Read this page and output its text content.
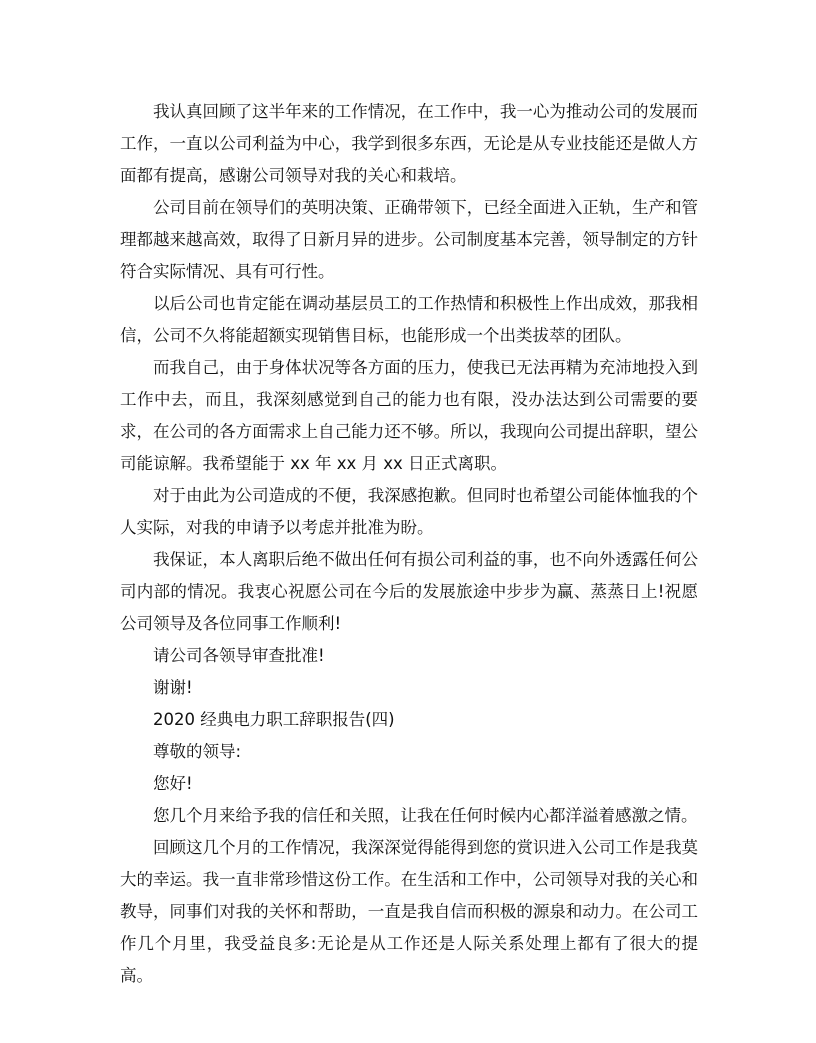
我认真回顾了这半年来的工作情况，在工作中，我一心为推动公司的发展而工作，一直以公司利益为中心，我学到很多东西，无论是从专业技能还是做人方面都有提高，感谢公司领导对我的关心和栽培。

公司目前在领导们的英明决策、正确带领下，已经全面进入正轨，生产和管理都越来越高效，取得了日新月异的进步。公司制度基本完善，领导制定的方针符合实际情况、具有可行性。

以后公司也肯定能在调动基层员工的工作热情和积极性上作出成效，那我相信，公司不久将能超额实现销售目标，也能形成一个出类拔萃的团队。

而我自己，由于身体状况等各方面的压力，使我已无法再精为充沛地投入到工作中去，而且，我深刻感觉到自己的能力也有限，没办法达到公司需要的要求，在公司的各方面需求上自己能力还不够。所以，我现向公司提出辞职，望公司能谅解。我希望能于 xx 年 xx 月 xx 日正式离职。

对于由此为公司造成的不便，我深感抱歉。但同时也希望公司能体恤我的个人实际，对我的申请予以考虑并批准为盼。

我保证，本人离职后绝不做出任何有损公司利益的事，也不向外透露任何公司内部的情况。我衷心祝愿公司在今后的发展旅途中步步为赢、蒸蒸日上!祝愿公司领导及各位同事工作顺利!

请公司各领导审查批准!

谢谢!

2020 经典电力职工辞职报告(四)

尊敬的领导:

您好!

您几个月来给予我的信任和关照，让我在任何时候内心都洋溢着感激之情。

回顾这几个月的工作情况，我深深觉得能得到您的赏识进入公司工作是我莫大的幸运。我一直非常珍惜这份工作。在生活和工作中，公司领导对我的关心和教导，同事们对我的关怀和帮助，一直是我自信而积极的源泉和动力。在公司工作几个月里，我受益良多:无论是从工作还是人际关系处理上都有了很大的提高。
